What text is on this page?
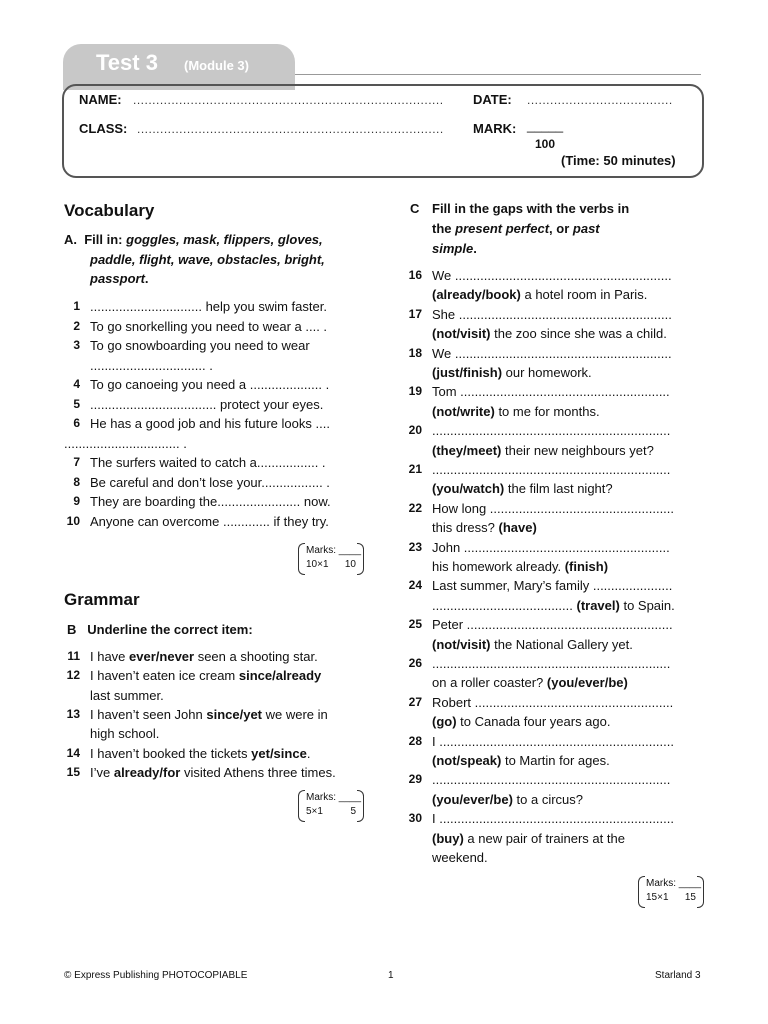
Test 3 (Module 3)
NAME: ................................................................................. DATE: ......................................
CLASS: ................................................................................ MARK: _____
100
(Time: 50 minutes)
Vocabulary
A. Fill in: goggles, mask, flippers, gloves,
paddle, flight, wave, obstacles, bright,
passport.
1 ............................... help you swim faster.
2 To go snorkelling you need to wear a .... .
3 To go snowboarding you need to wear
................................ .
4 To go canoeing you need a .................... .
5 ................................... protect your eyes.
6 He has a good job and his future looks ....
................................ .
7 The surfers waited to catch a................. .
8 Be careful and don’t lose your................. .
9 They are boarding the....................... now.
10 Anyone can overcome ............. if they try.
Marks: ____
10×1 10
Grammar
B Underline the correct item:
11 I have ever/never seen a shooting star.
12 I haven’t eaten ice cream since/already
last summer.
13 I haven’t seen John since/yet we were in
high school.
14 I haven’t booked the tickets yet/since.
15 I’ve already/for visited Athens three times.
Marks: ____
5×1	5
C Fill in the gaps with the verbs in
the present perfect, or past
simple.
16 We ............................................................
(already/book) a hotel room in Paris.
17 She ...........................................................
(not/visit) the zoo since she was a child.
18 We ............................................................
(just/finish) our homework.
19 Tom ..........................................................
(not/write) to me for months.
20 ..................................................................
(they/meet) their new neighbours yet?
21 ..................................................................
(you/watch) the film last night?
22 How long ...................................................
this dress? (have)
23 John .........................................................
his homework already. (finish)
24 Last summer, Mary’s family ......................
....................................... (travel) to Spain.
25 Peter .........................................................
(not/visit) the National Gallery yet.
26 ..................................................................
on a roller coaster? (you/ever/be)
27 Robert .......................................................
(go) to Canada four years ago.
28 I .................................................................
(not/speak) to Martin for ages.
29 ..................................................................
(you/ever/be) to a circus?
30 I .................................................................
(buy) a new pair of trainers at the
weekend.
Marks: ____
15×1 15
© Express Publishing PHOTOCOPIABLE	1	Starland 3
